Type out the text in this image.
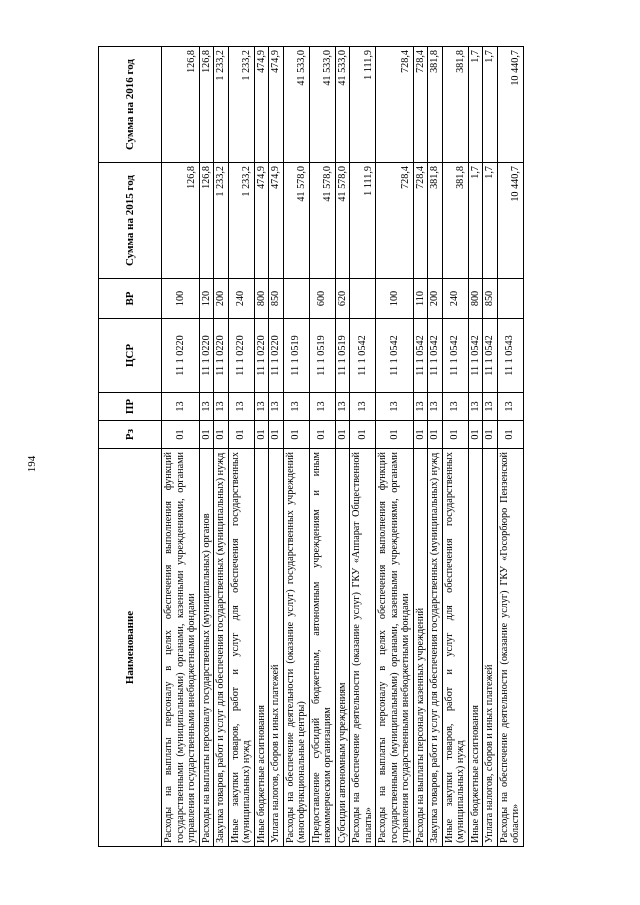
194
Наименование	Рз	ПР	ЦСР	ВР	Сумма на 2015 год	Сумма на 2016 год
Расходы на выплаты персоналу в целях обеспечения выполнения функций государственными (муниципальными) органами, казенными учреждениями, органами управления государственными внебюджетными фондами	01	13	11 1 0220	100	126,8	126,8
Расходы на выплаты персоналу государственных (муниципальных) органов	01	13	11 1 0220	120	126,8	126,8
Закупка товаров, работ и услуг для обеспечения государственных (муниципальных) нужд	01	13	11 1 0220	200	1 233,2	1 233,2
Иные закупки товаров, работ и услуг для обеспечения государственных (муниципальных) нужд	01	13	11 1 0220	240	1 233,2	1 233,2
Иные бюджетные ассигнования	01	13	11 1 0220	800	474,9	474,9
Уплата налогов, сборов и иных платежей	01	13	11 1 0220	850	474,9	474,9
Расходы на обеспечение деятельности (оказание услуг) государственных учреждений (многофункциональные центры)	01	13	11 1 0519		41 578,0	41 533,0
Предоставление субсидий бюджетным, автономным учреждениям и иным некоммерческим организациям	01	13	11 1 0519	600	41 578,0	41 533,0
Субсидии автономным учреждениям	01	13	11 1 0519	620	41 578,0	41 533,0
Расходы на обеспечение деятельности (оказание услуг) ГКУ «Аппарат Общественной палаты»	01	13	11 1 0542		1 111,9	1 111,9
Расходы на выплаты персоналу в целях обеспечения выполнения функций государственными (муниципальными) органами, казенными учреждениями, органами управления государственными внебюджетными фондами	01	13	11 1 0542	100	728,4	728,4
Расходы на выплаты персоналу казенных учреждений	01	13	11 1 0542	110	728,4	728,4
Закупка товаров, работ и услуг для обеспечения государственных (муниципальных) нужд	01	13	11 1 0542	200	381,8	381,8
Иные закупки товаров, работ и услуг для обеспечения государственных (муниципальных) нужд	01	13	11 1 0542	240	381,8	381,8
Иные бюджетные ассигнования	01	13	11 1 0542	800	1,7	1,7
Уплата налогов, сборов и иных платежей	01	13	11 1 0542	850	1,7	1,7
Расходы на обеспечение деятельности (оказание услуг) ГКУ «Госорбюро Пензенской области»	01	13	11 1 0543		10 440,7	10 440,7
